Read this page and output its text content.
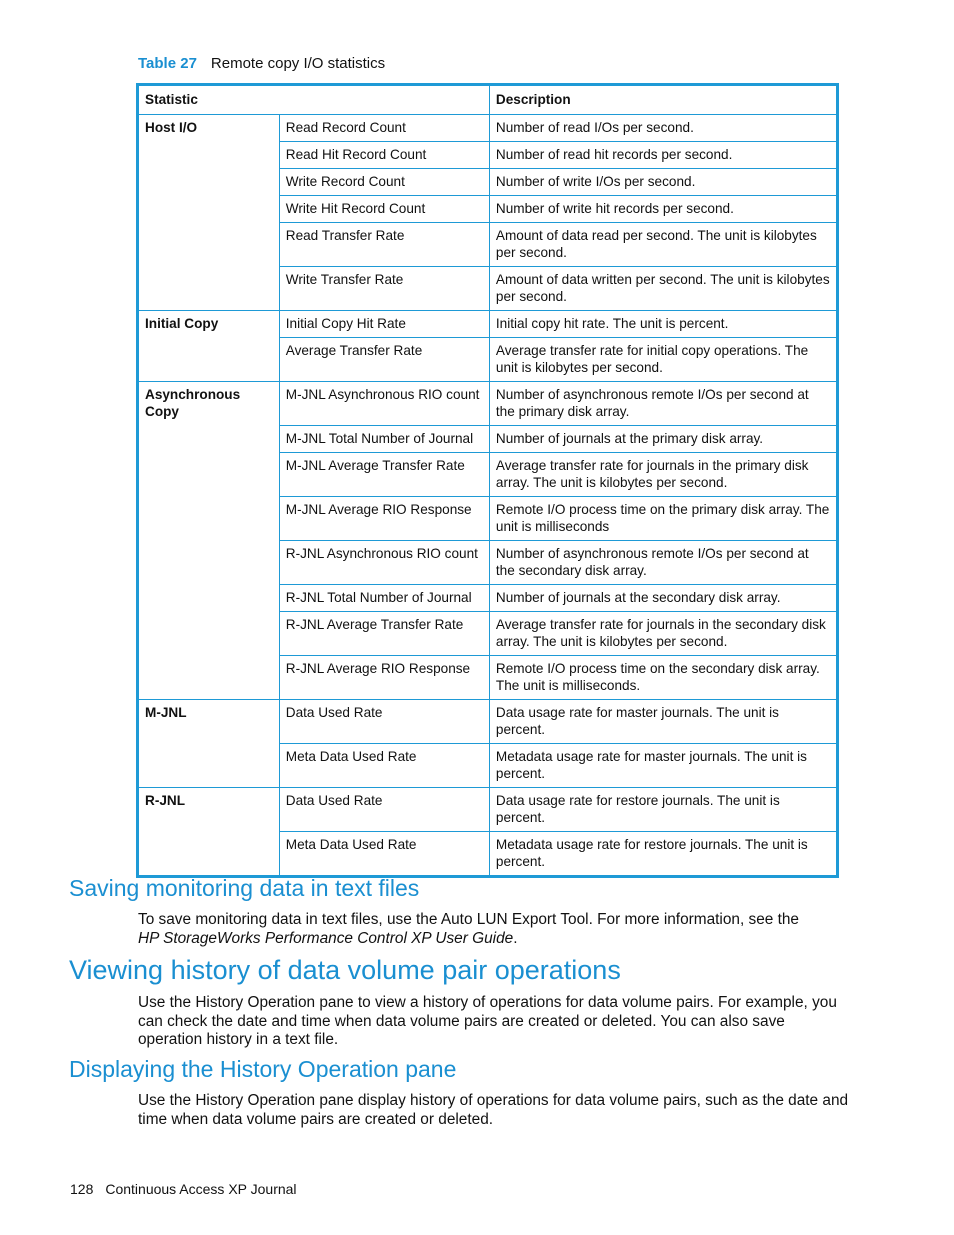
Table 27 Remote copy I/O statistics
Statistic		Description
Host I/O	Read Record Count	Number of read I/Os per second.
	Read Hit Record Count	Number of read hit records per second.
	Write Record Count	Number of write I/Os per second.
	Write Hit Record Count	Number of write hit records per second.
	Read Transfer Rate	Amount of data read per second. The unit is kilobytes per second.
	Write Transfer Rate	Amount of data written per second. The unit is kilobytes per second.
Initial Copy	Initial Copy Hit Rate	Initial copy hit rate. The unit is percent.
	Average Transfer Rate	Average transfer rate for initial copy operations. The unit is kilobytes per second.
Asynchronous Copy	M-JNL Asynchronous RIO count	Number of asynchronous remote I/Os per second at the primary disk array.
	M-JNL Total Number of Journal	Number of journals at the primary disk array.
	M-JNL Average Transfer Rate	Average transfer rate for journals in the primary disk array. The unit is kilobytes per second.
	M-JNL Average RIO Response	Remote I/O process time on the primary disk array. The unit is milliseconds
	R-JNL Asynchronous RIO count	Number of asynchronous remote I/Os per second at the secondary disk array.
	R-JNL Total Number of Journal	Number of journals at the secondary disk array.
	R-JNL Average Transfer Rate	Average transfer rate for journals in the secondary disk array. The unit is kilobytes per second.
	R-JNL Average RIO Response	Remote I/O process time on the secondary disk array. The unit is milliseconds.
M-JNL	Data Used Rate	Data usage rate for master journals. The unit is percent.
	Meta Data Used Rate	Metadata usage rate for master journals. The unit is percent.
R-JNL	Data Used Rate	Data usage rate for restore journals. The unit is percent.
	Meta Data Used Rate	Metadata usage rate for restore journals. The unit is percent.
Saving monitoring data in text files

To save monitoring data in text files, use the Auto LUN Export Tool. For more information, see the
HP StorageWorks Performance Control XP User Guide.

Viewing history of data volume pair operations

Use the History Operation pane to view a history of operations for data volume pairs. For example, you can check the date and time when data volume pairs are created or deleted. You can also save operation history in a text file.

Displaying the History Operation pane

Use the History Operation pane display history of operations for data volume pairs, such as the date and time when data volume pairs are created or deleted.

128 Continuous Access XP Journal
